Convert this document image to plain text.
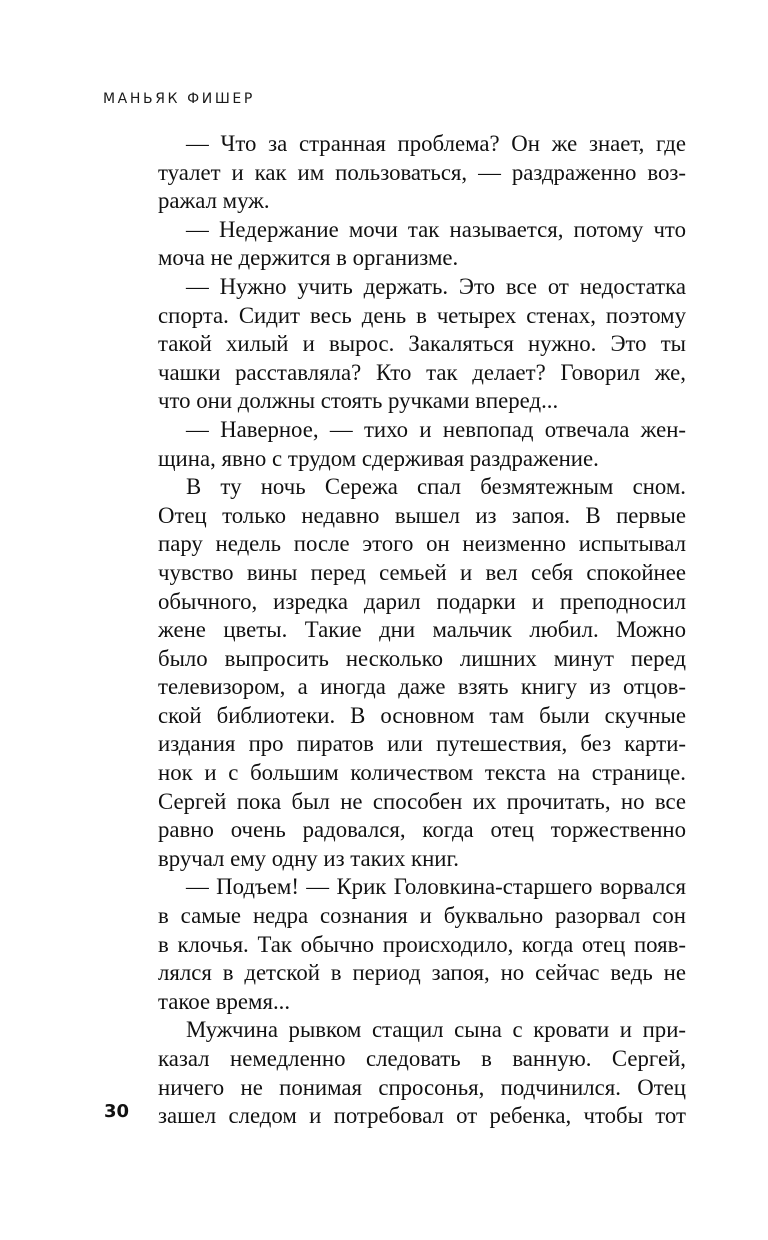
МАНЬЯК ФИШЕР
— Что за странная проблема? Он же знает, где
туалет и как им пользоваться, — раздраженно воз-
ражал муж.
— Недержание мочи так называется, потому что
моча не держится в организме.
— Нужно учить держать. Это все от недостатка
спорта. Сидит весь день в четырех стенах, поэтому
такой хилый и вырос. Закаляться нужно. Это ты
чашки расставляла? Кто так делает? Говорил же,
что они должны стоять ручками вперед...
— Наверное, — тихо и невпопад отвечала жен-
щина, явно с трудом сдерживая раздражение.
В ту ночь Сережа спал безмятежным сном.
Отец только недавно вышел из запоя. В первые
пару недель после этого он неизменно испытывал
чувство вины перед семьей и вел себя спокойнее
обычного, изредка дарил подарки и преподносил
жене цветы. Такие дни мальчик любил. Можно
было выпросить несколько лишних минут перед
телевизором, а иногда даже взять книгу из отцов-
ской библиотеки. В основном там были скучные
издания про пиратов или путешествия, без карти-
нок и с большим количеством текста на странице.
Сергей пока был не способен их прочитать, но все
равно очень радовался, когда отец торжественно
вручал ему одну из таких книг.
— Подъем! — Крик Головкина-старшего ворвался
в самые недра сознания и буквально разорвал сон
в клочья. Так обычно происходило, когда отец появ-
лялся в детской в период запоя, но сейчас ведь не
такое время...
Мужчина рывком стащил сына с кровати и при-
казал немедленно следовать в ванную. Сергей,
ничего не понимая спросонья, подчинился. Отец
зашел следом и потребовал от ребенка, чтобы тот
30
